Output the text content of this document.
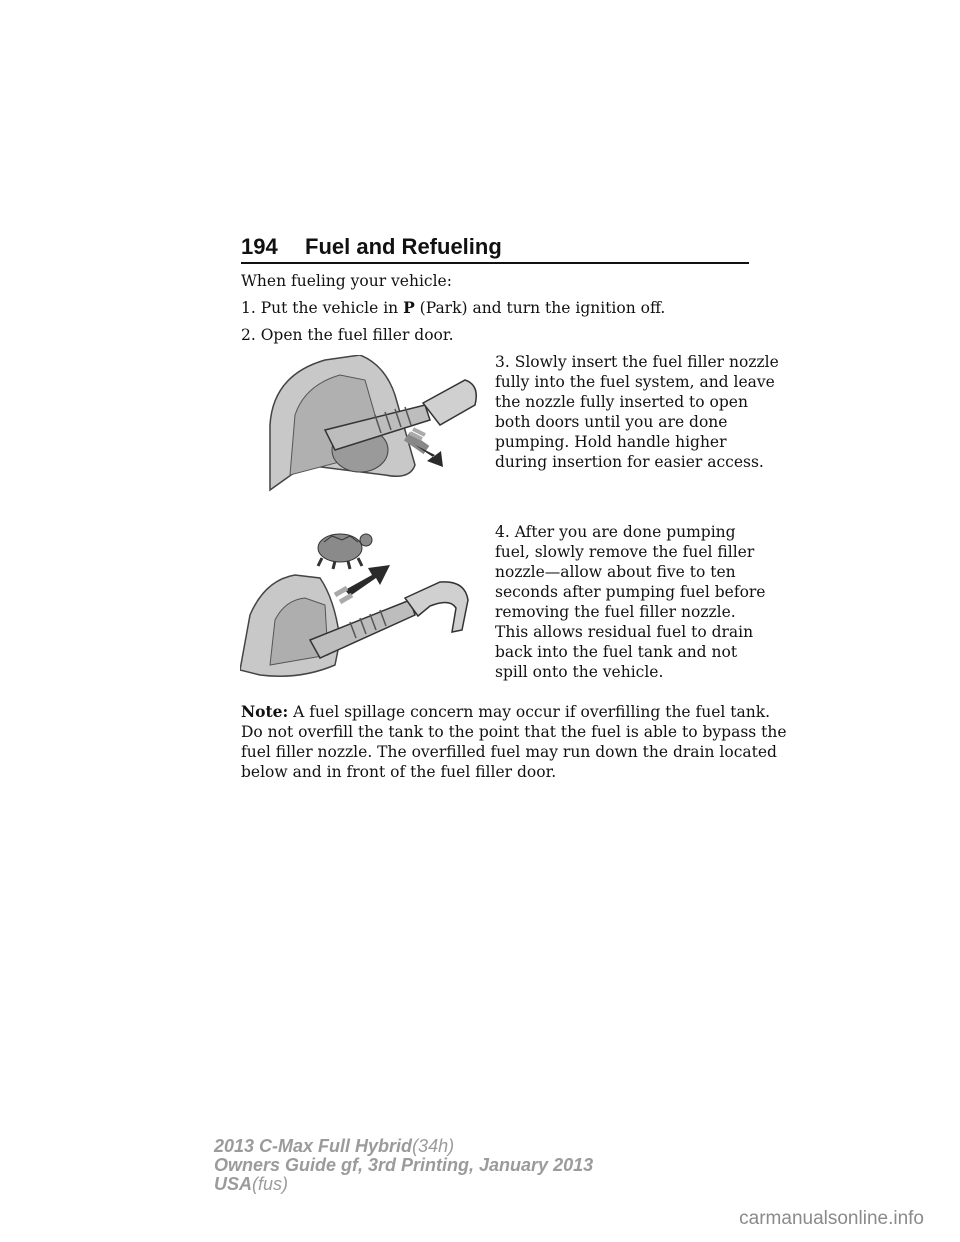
194 Fuel and Refueling
When fueling your vehicle:
1. Put the vehicle in P (Park) and turn the ignition off.
2. Open the fuel filler door.
3. Slowly insert the fuel filler nozzle
fully into the fuel system, and leave
the nozzle fully inserted to open
both doors until you are done
pumping. Hold handle higher
during insertion for easier access.
4. After you are done pumping
fuel, slowly remove the fuel filler
nozzle—allow about five to ten
seconds after pumping fuel before
removing the fuel filler nozzle.
This allows residual fuel to drain
back into the fuel tank and not
spill onto the vehicle.
Note: A fuel spillage concern may occur if overfilling the fuel tank.
Do not overfill the tank to the point that the fuel is able to bypass the
fuel filler nozzle. The overfilled fuel may run down the drain located
below and in front of the fuel filler door.
2013 C-Max Full Hybrid(34h)
Owners Guide gf, 3rd Printing, January 2013
USA(fus)
carmanualsonline.info
